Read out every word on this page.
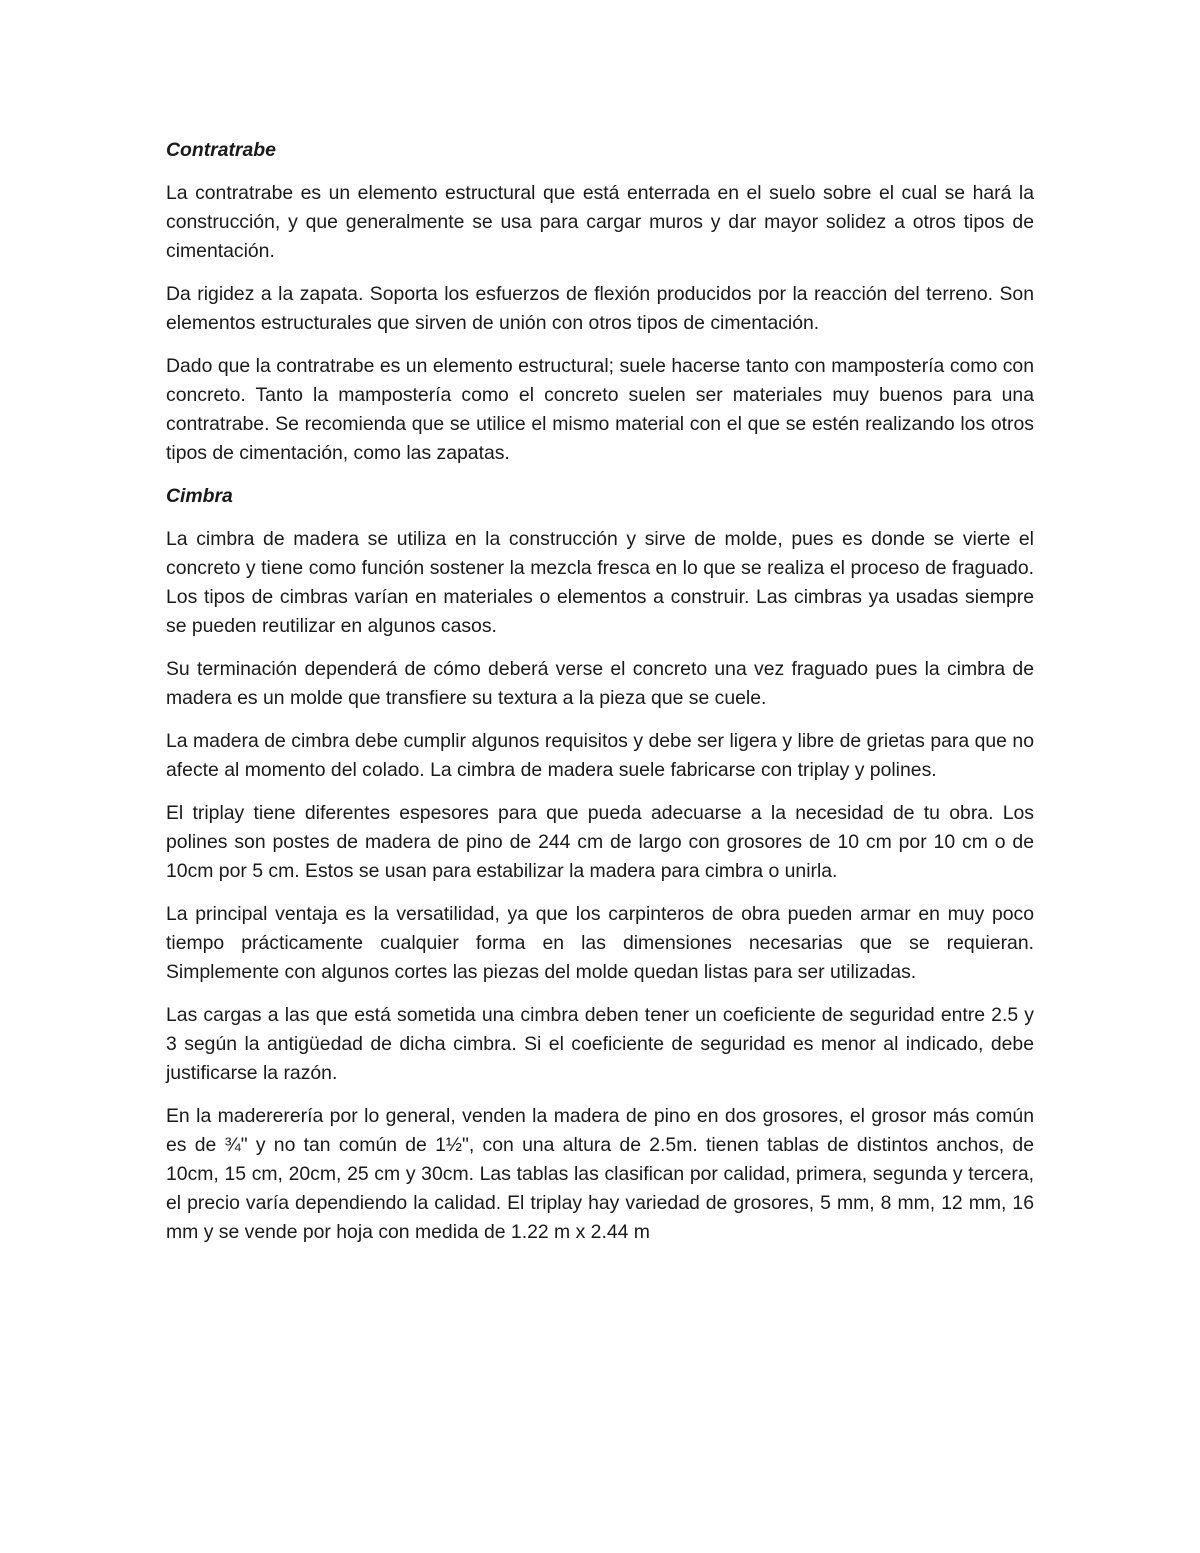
Contratrabe

La contratrabe es un elemento estructural que está enterrada en el suelo sobre el cual se hará la construcción, y que generalmente se usa para cargar muros y dar mayor solidez a otros tipos de cimentación.

Da rigidez a la zapata. Soporta los esfuerzos de flexión producidos por la reacción del terreno. Son elementos estructurales que sirven de unión con otros tipos de cimentación.

Dado que la contratrabe es un elemento estructural; suele hacerse tanto con mampostería como con concreto. Tanto la mampostería como el concreto suelen ser materiales muy buenos para una contratrabe. Se recomienda que se utilice el mismo material con el que se estén realizando los otros tipos de cimentación, como las zapatas.

Cimbra

La cimbra de madera se utiliza en la construcción y sirve de molde, pues es donde se vierte el concreto y tiene como función sostener la mezcla fresca en lo que se realiza el proceso de fraguado. Los tipos de cimbras varían en materiales o elementos a construir. Las cimbras ya usadas siempre se pueden reutilizar en algunos casos.

Su terminación dependerá de cómo deberá verse el concreto una vez fraguado pues la cimbra de madera es un molde que transfiere su textura a la pieza que se cuele.

La madera de cimbra debe cumplir algunos requisitos y debe ser ligera y libre de grietas para que no afecte al momento del colado. La cimbra de madera suele fabricarse con triplay y polines.

El triplay tiene diferentes espesores para que pueda adecuarse a la necesidad de tu obra. Los polines son postes de madera de pino de 244 cm de largo con grosores de 10 cm por 10 cm o de 10cm por 5 cm. Estos se usan para estabilizar la madera para cimbra o unirla.

La principal ventaja es la versatilidad, ya que los carpinteros de obra pueden armar en muy poco tiempo prácticamente cualquier forma en las dimensiones necesarias que se requieran. Simplemente con algunos cortes las piezas del molde quedan listas para ser utilizadas.

Las cargas a las que está sometida una cimbra deben tener un coeficiente de seguridad entre 2.5 y 3 según la antigüedad de dicha cimbra. Si el coeficiente de seguridad es menor al indicado, debe justificarse la razón.

En la madererería por lo general, venden la madera de pino en dos grosores, el grosor más común es de ¾" y no tan común de 1½", con una altura de 2.5m. tienen tablas de distintos anchos, de 10cm, 15 cm, 20cm, 25 cm y 30cm. Las tablas las clasifican por calidad, primera, segunda y tercera, el precio varía dependiendo la calidad. El triplay hay variedad de grosores, 5 mm, 8 mm, 12 mm, 16 mm y se vende por hoja con medida de 1.22 m x 2.44 m
